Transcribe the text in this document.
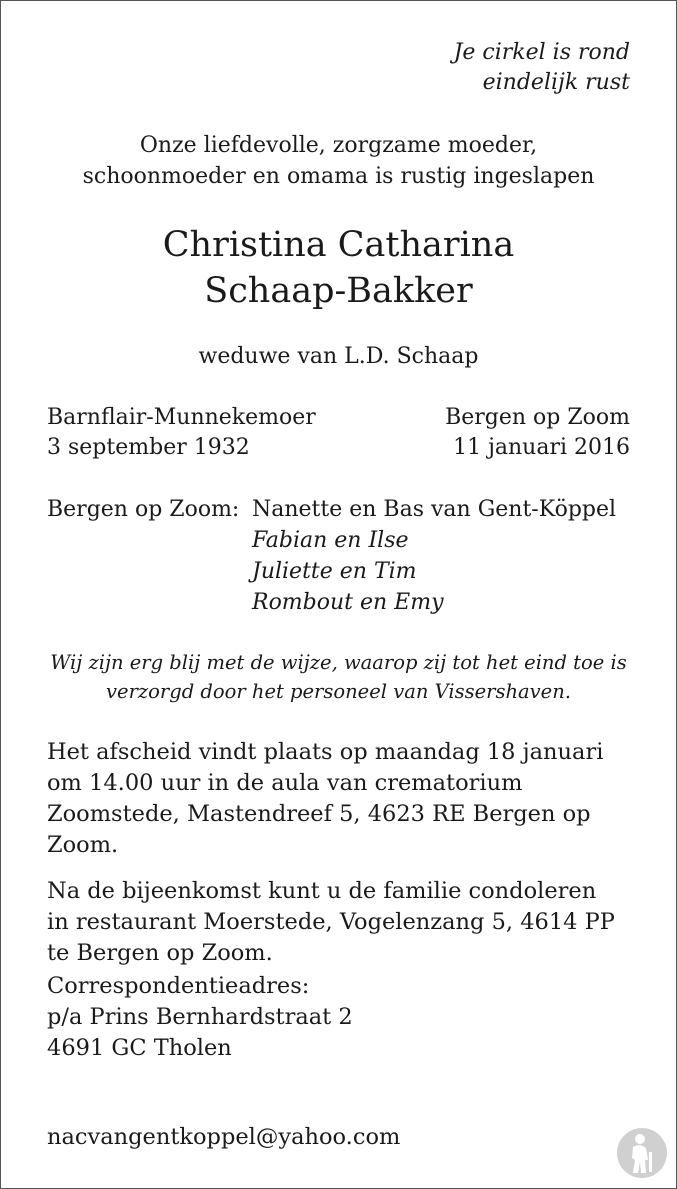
Je cirkel is rond
eindelijk rust
Onze liefdevolle, zorgzame moeder,
schoonmoeder en omama is rustig ingeslapen
Christina Catharina
Schaap-Bakker
weduwe van L.D. Schaap
Barnflair-Munnekemoer
3 september 1932
Bergen op Zoom
11 januari 2016
Bergen op Zoom: Nanette en Bas van Gent-Köppel
Fabian en Ilse
Juliette en Tim
Rombout en Emy
Wij zijn erg blij met de wijze, waarop zij tot het eind toe is
verzorgd door het personeel van Vissershaven.
Het afscheid vindt plaats op maandag 18 januari
om 14.00 uur in de aula van crematorium
Zoomstede, Mastendreef 5, 4623 RE Bergen op
Zoom.
Na de bijeenkomst kunt u de familie condoleren
in restaurant Moerstede, Vogelenzang 5, 4614 PP
te Bergen op Zoom.
Correspondentieadres:
p/a Prins Bernhardstraat 2
4691 GC Tholen
nacvangentkoppel@yahoo.com
